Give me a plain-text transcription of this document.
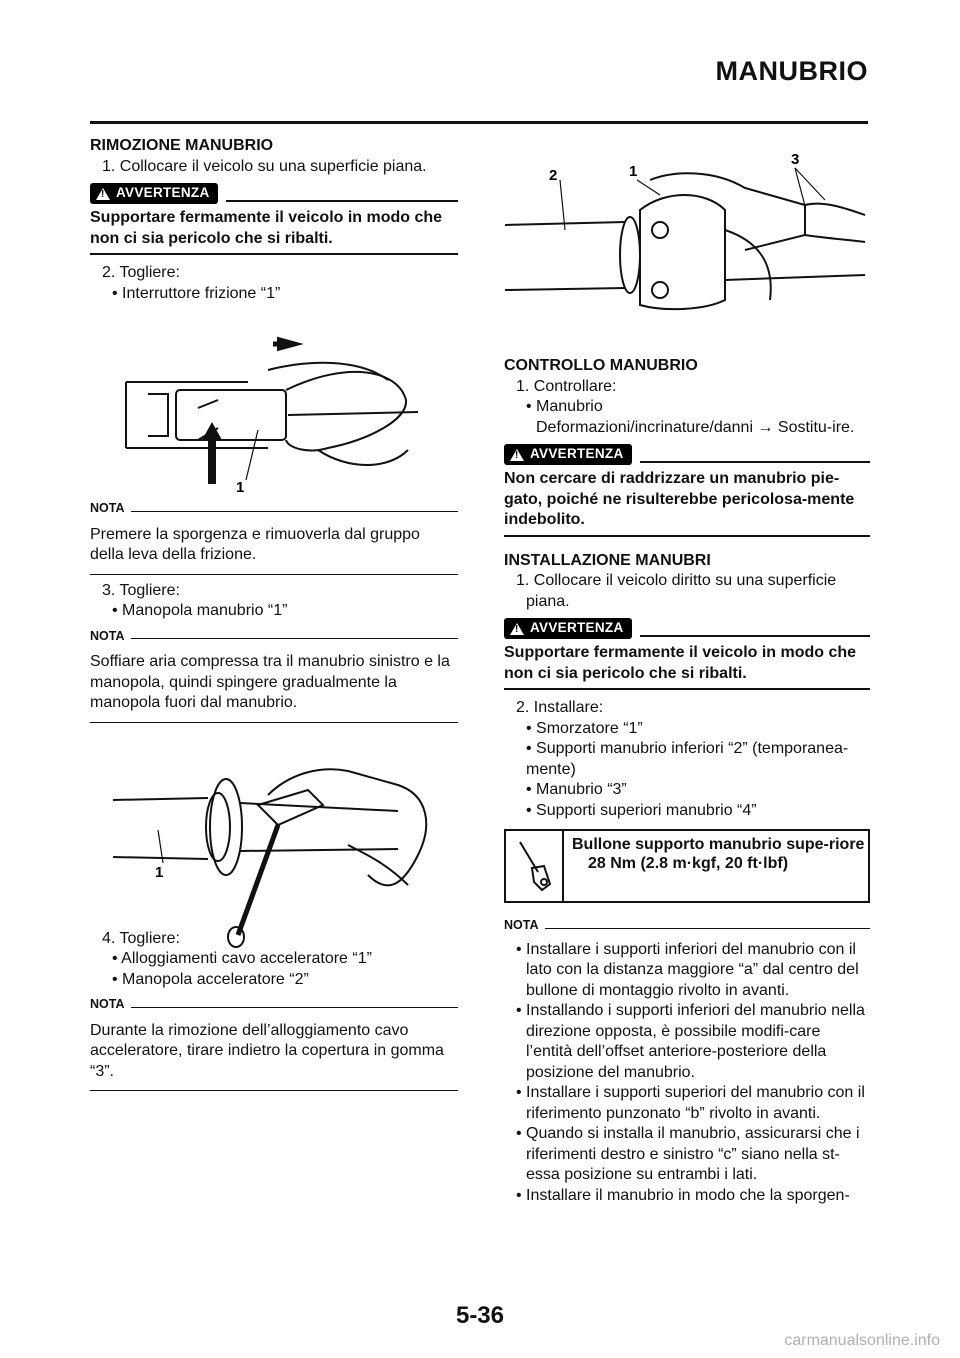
MANUBRIO
RIMOZIONE MANUBRIO
1. Collocare il veicolo su una superficie piana.
!
AVVERTENZA
Supportare fermamente il veicolo in modo che non ci sia pericolo che si ribalti.
2. Togliere:
• Interruttore frizione “1”
NOTA
Premere la sporgenza e rimuoverla dal gruppo della leva della frizione.
3. Togliere:
• Manopola manubrio “1”
NOTA
Soffiare aria compressa tra il manubrio sinistro e la manopola, quindi spingere gradualmente la manopola fuori dal manubrio.
4. Togliere:
• Alloggiamenti cavo acceleratore “1”
• Manopola acceleratore “2”
NOTA
Durante la rimozione dell’alloggiamento cavo acceleratore, tirare indietro la copertura in gomma “3”.
1
1
2	1
3
CONTROLLO MANUBRIO
1. Controllare:
• Manubrio
Deformazioni/incrinature/danni → Sostitu-ire.
!
AVVERTENZA
Non cercare di raddrizzare un manubrio pie-gato, poiché ne risulterebbe pericolosa-mente indebolito.
INSTALLAZIONE MANUBRI
1. Collocare il veicolo diritto su una superficie piana.
!
AVVERTENZA
Supportare fermamente il veicolo in modo che non ci sia pericolo che si ribalti.
2. Installare:
• Smorzatore “1”
• Supporti manubrio inferiori “2” (temporanea-mente)
• Manubrio “3”
• Supporti superiori manubrio “4”
Bullone supporto manubrio supe-riore
28 Nm (2.8 m·kgf, 20 ft·lbf)
NOTA
• Installare i supporti inferiori del manubrio con il lato con la distanza maggiore “a” dal centro del bullone di montaggio rivolto in avanti.
• Installando i supporti inferiori del manubrio nella direzione opposta, è possibile modifi-care l’entità dell’offset anteriore-posteriore della posizione del manubrio.
• Installare i supporti superiori del manubrio con il riferimento punzonato “b” rivolto in avanti.
• Quando si installa il manubrio, assicurarsi che i riferimenti destro e sinistro “c” siano nella st-essa posizione su entrambi i lati.
• Installare il manubrio in modo che la sporgen-
5-36
carmanualsonline.info
